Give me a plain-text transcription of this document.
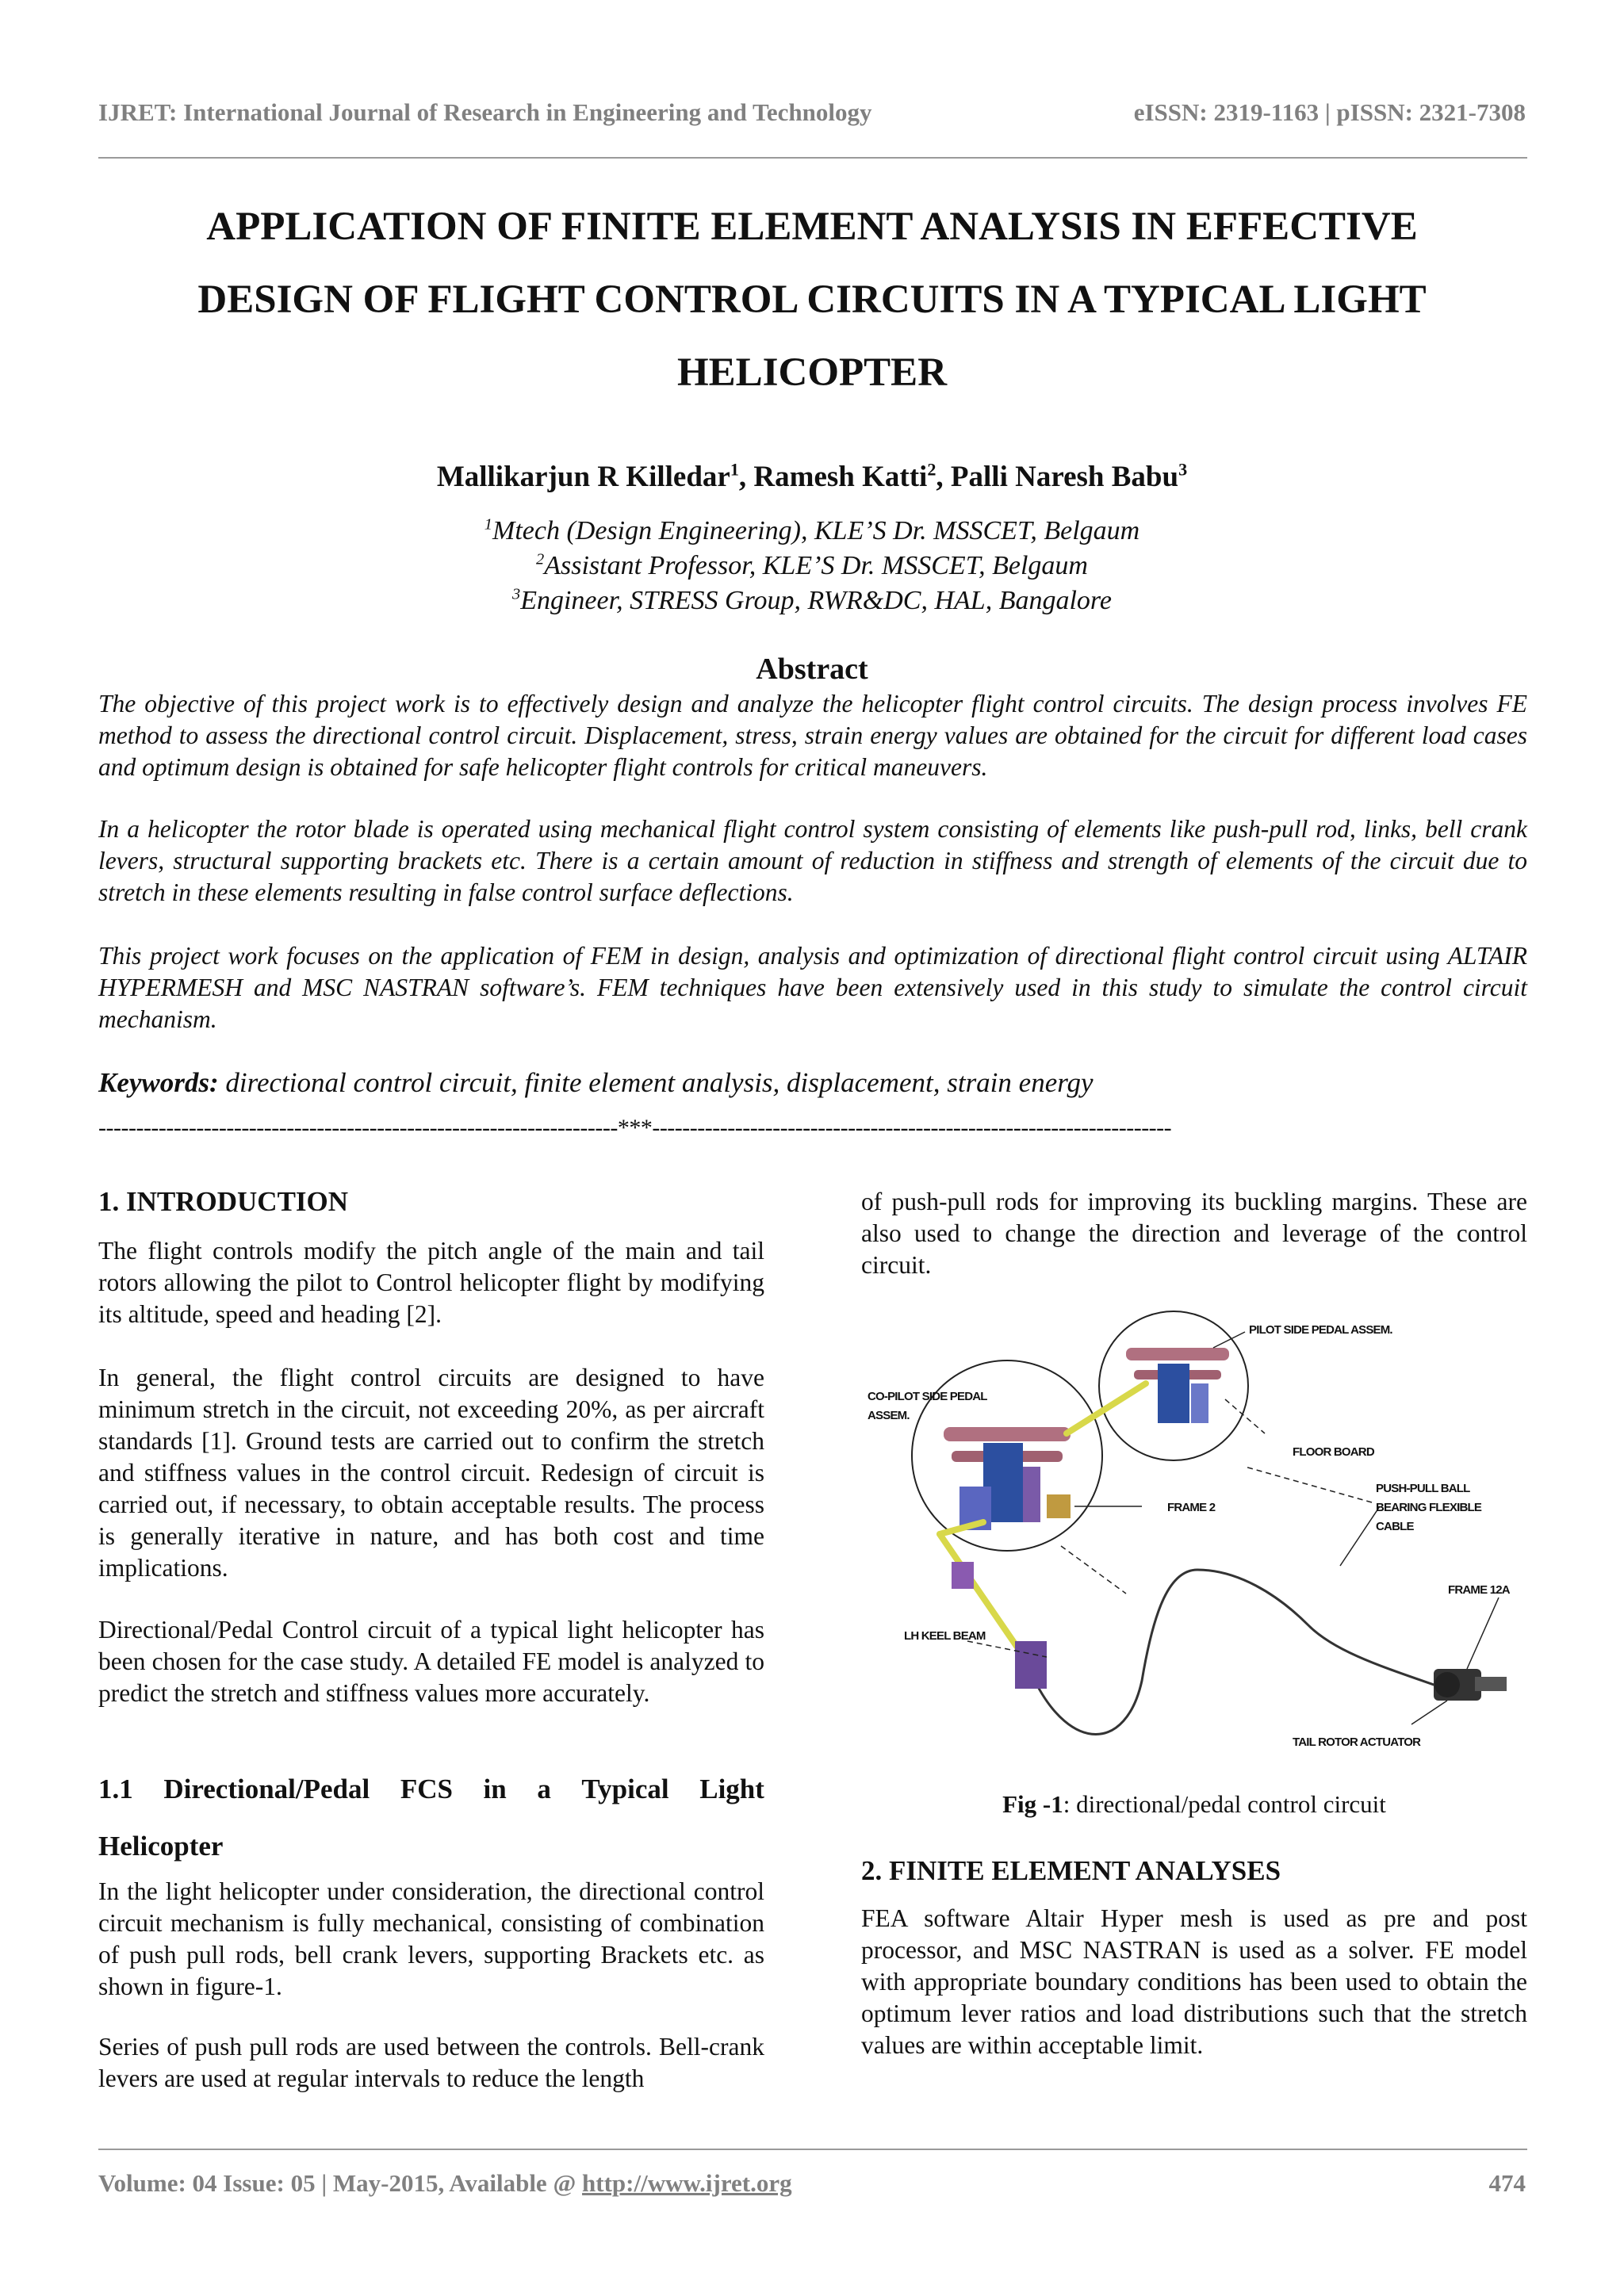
IJRET: International Journal of Research in Engineering and Technology	eISSN: 2319-1163 | pISSN: 2321-7308
APPLICATION OF FINITE ELEMENT ANALYSIS IN EFFECTIVE
DESIGN OF FLIGHT CONTROL CIRCUITS IN A TYPICAL LIGHT
HELICOPTER
Mallikarjun R Killedar$^1$, Ramesh Katti$^2$, Palli Naresh Babu$^3$
$^1$Mtech (Design Engineering), KLE’S Dr. MSSCET, Belgaum
$^2$Assistant Professor, KLE’S Dr. MSSCET, Belgaum
$^3$Engineer, STRESS Group, RWR&DC, HAL, Bangalore
Abstract
The objective of this project work is to effectively design and analyze the helicopter flight control circuits. The design process involves FE method to assess the directional control circuit. Displacement, stress, strain energy values are obtained for the circuit for different load cases and optimum design is obtained for safe helicopter flight controls for critical maneuvers.
In a helicopter the rotor blade is operated using mechanical flight control system consisting of elements like push-pull rod, links, bell crank levers, structural supporting brackets etc. There is a certain amount of reduction in stiffness and strength of elements of the circuit due to stretch in these elements resulting in false control surface deflections.
This project work focuses on the application of FEM in design, analysis and optimization of directional flight control circuit using ALTAIR HYPERMESH and MSC NASTRAN software’s. FEM techniques have been extensively used in this study to simulate the control circuit mechanism.
Keywords: directional control circuit, finite element analysis, displacement, strain energy
---------------------------------------------------------------------***---------------------------------------------------------------------
1. INTRODUCTION
The flight controls modify the pitch angle of the main and tail rotors allowing the pilot to Control helicopter flight by modifying its altitude, speed and heading [2].
In general, the flight control circuits are designed to have minimum stretch in the circuit, not exceeding 20%, as per aircraft standards [1]. Ground tests are carried out to confirm the stretch and stiffness values in the control circuit. Redesign of circuit is carried out, if necessary, to obtain acceptable results. The process is generally iterative in nature, and has both cost and time implications.
Directional/Pedal Control circuit of a typical light helicopter has been chosen for the case study. A detailed FE model is analyzed to predict the stretch and stiffness values more accurately.
1.1 Directional/Pedal FCS in a Typical Light
Helicopter
In the light helicopter under consideration, the directional control circuit mechanism is fully mechanical, consisting of combination of push pull rods, bell crank levers, supporting Brackets etc. as shown in figure-1.
Series of push pull rods are used between the controls. Bell-crank levers are used at regular intervals to reduce the length
of push-pull rods for improving its buckling margins. These are also used to change the direction and leverage of the control circuit.
PILOT SIDE PEDAL ASSEM.
CO-PILOT SIDE PEDAL
ASSEM.
FLOOR BOARD
PUSH-PULL BALL
BEARING FLEXIBLE
CABLE
FRAME 2
FRAME 12A
LH KEEL BEAM
TAIL ROTOR ACTUATOR
Fig -1: directional/pedal control circuit
2. FINITE ELEMENT ANALYSES
FEA software Altair Hyper mesh is used as pre and post processor, and MSC NASTRAN is used as a solver. FE model with appropriate boundary conditions has been used to obtain the optimum lever ratios and load distributions such that the stretch values are within acceptable limit.
Volume: 04 Issue: 05 | May-2015, Available @ http://www.ijret.org	474
